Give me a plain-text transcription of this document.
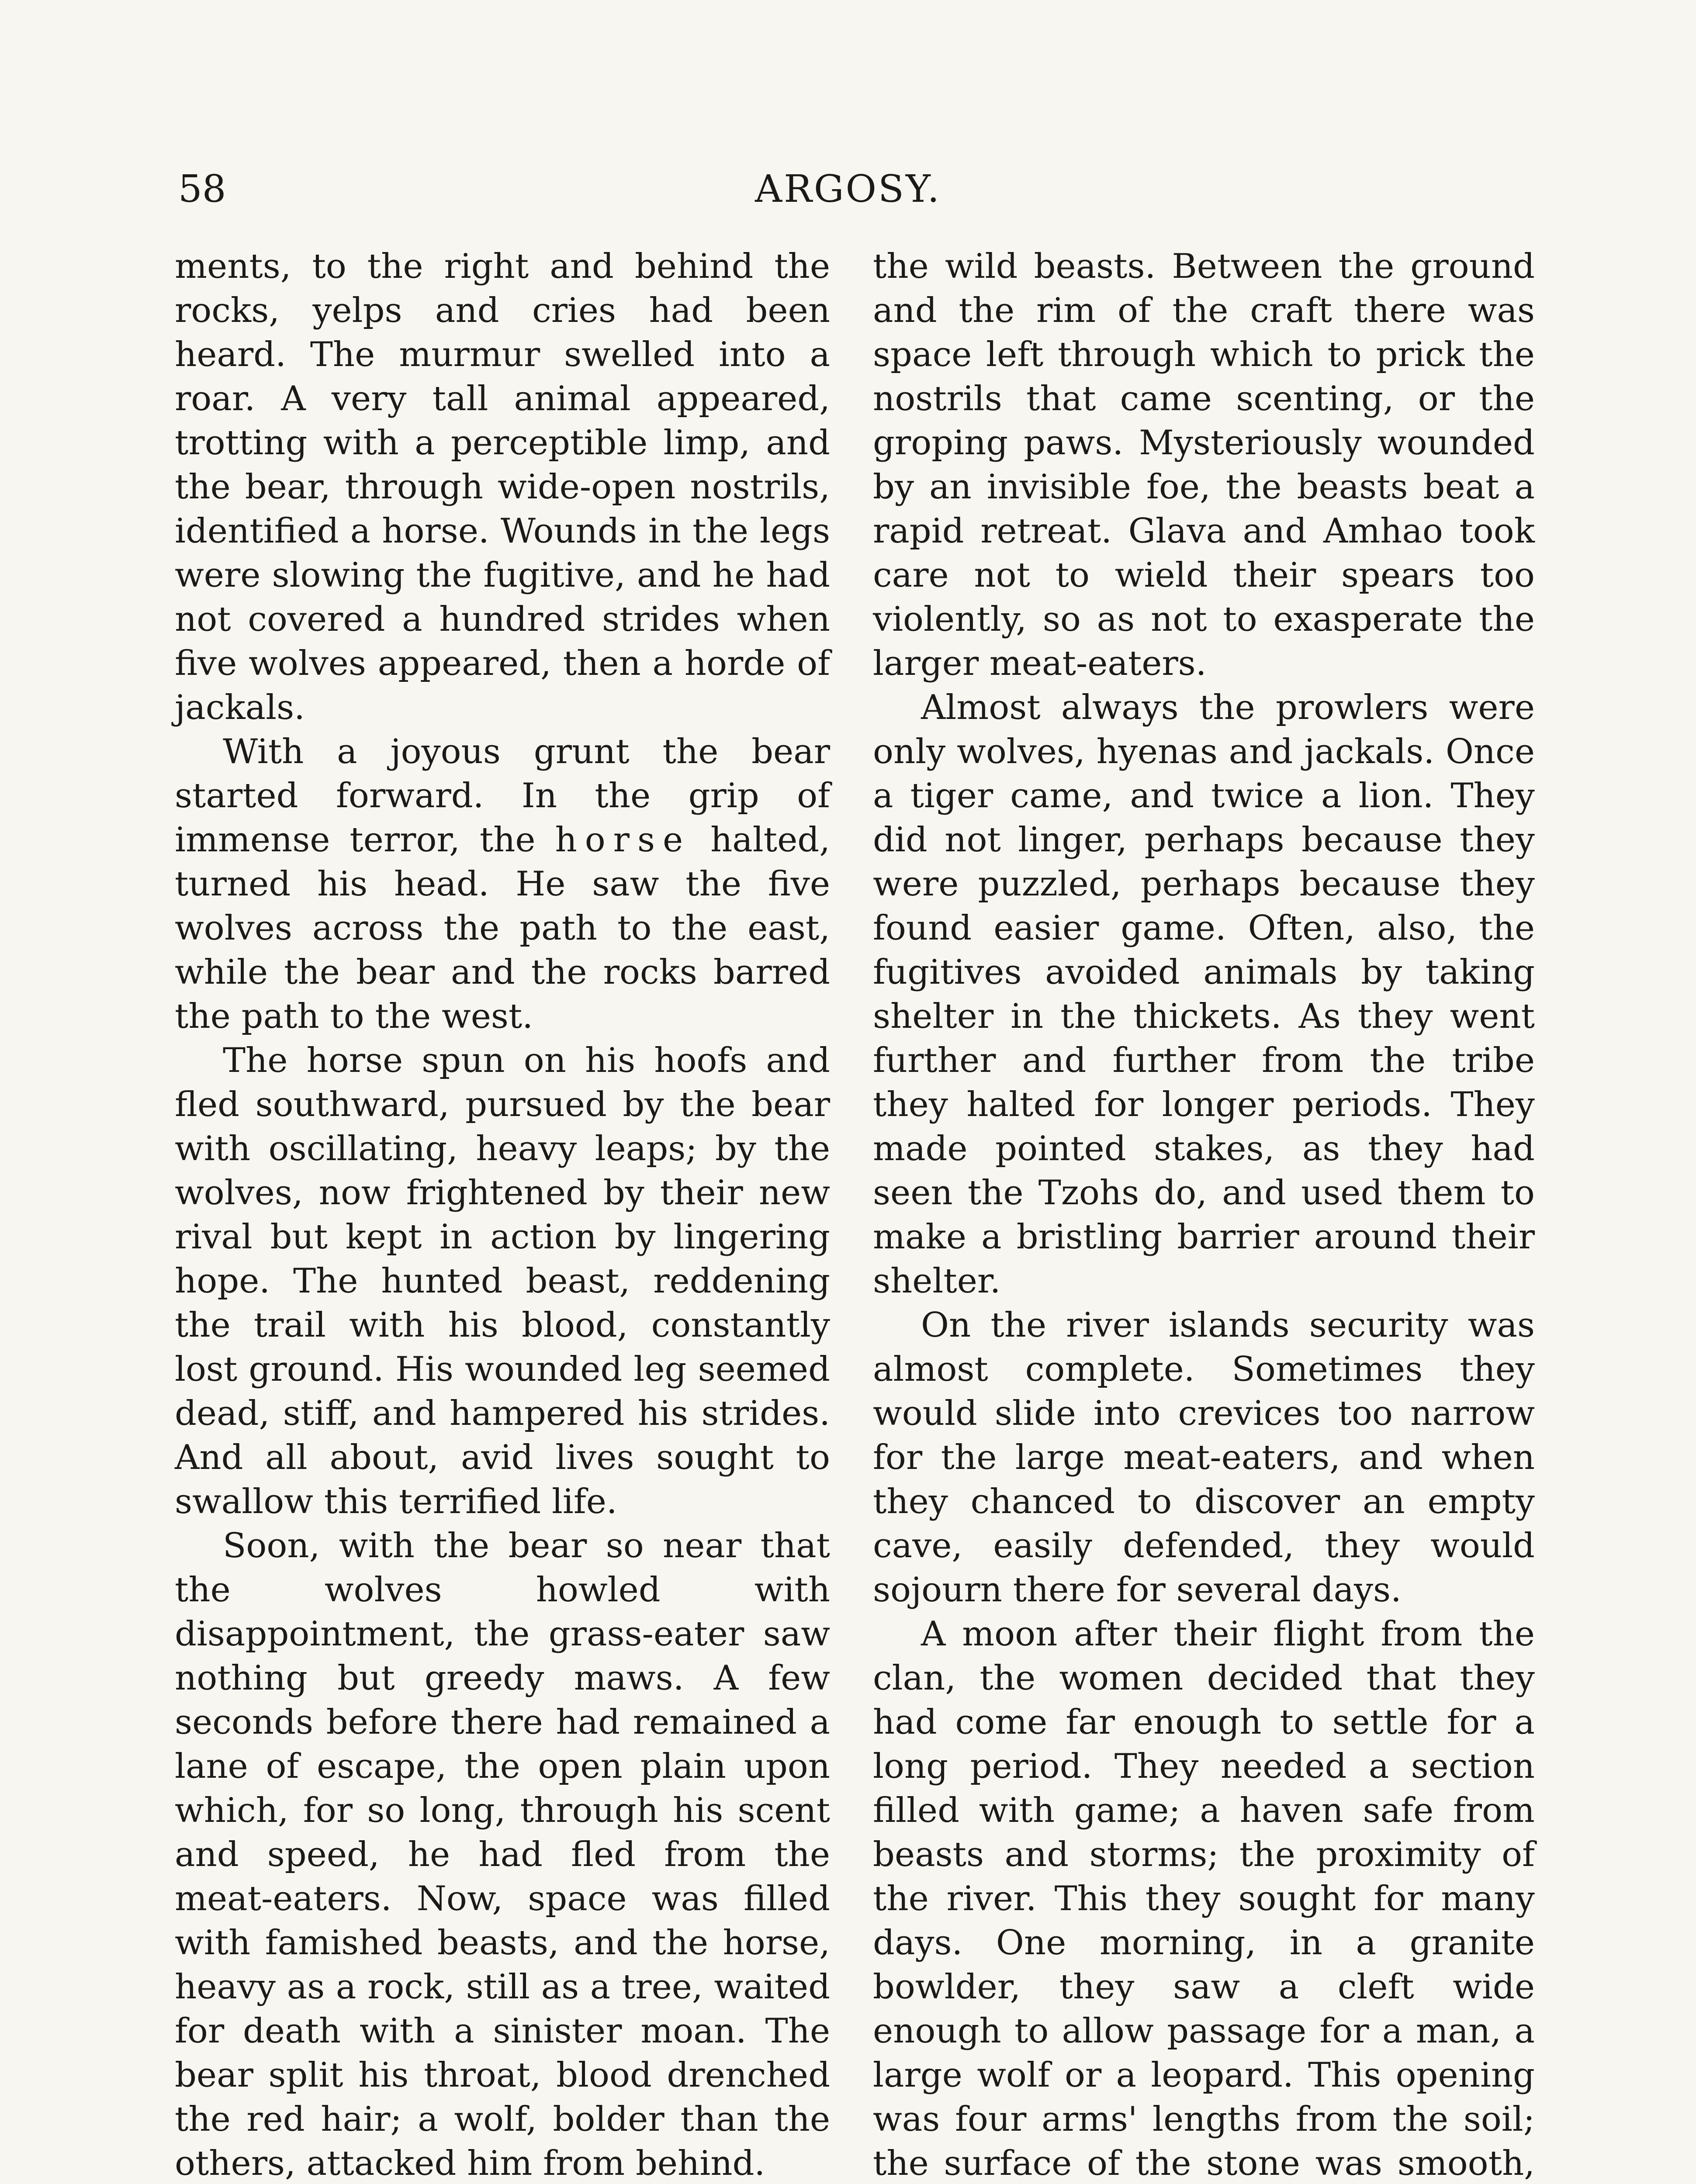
58	ARGOSY.

ments, to the right and behind the rocks, yelps and cries had been heard. The murmur swelled into a roar. A very tall animal appeared, trotting with a perceptible limp, and the bear, through wide-open nostrils, identified a horse. Wounds in the legs were slowing the fugitive, and he had not covered a hundred strides when five wolves appeared, then a horde of jackals.

With a joyous grunt the bear started forward. In the grip of immense terror, the horse halted, turned his head. He saw the five wolves across the path to the east, while the bear and the rocks barred the path to the west.

The horse spun on his hoofs and fled southward, pursued by the bear with oscillating, heavy leaps; by the wolves, now frightened by their new rival but kept in action by lingering hope. The hunted beast, reddening the trail with his blood, constantly lost ground. His wounded leg seemed dead, stiff, and hampered his strides. And all about, avid lives sought to swallow this terrified life.

Soon, with the bear so near that the wolves howled with disappointment, the grass-eater saw nothing but greedy maws. A few seconds before there had remained a lane of escape, the open plain upon which, for so long, through his scent and speed, he had fled from the meat-eaters. Now, space was filled with famished beasts, and the horse, heavy as a rock, still as a tree, waited for death with a sinister moan. The bear split his throat, blood drenched the red hair; a wolf, bolder than the others, attacked him from behind.

the wild beasts. Between the ground and the rim of the craft there was space left through which to prick the nostrils that came scenting, or the groping paws. Mysteriously wounded by an invisible foe, the beasts beat a rapid retreat. Glava and Amhao took care not to wield their spears too violently, so as not to exasperate the larger meat-eaters.

Almost always the prowlers were only wolves, hyenas and jackals. Once a tiger came, and twice a lion. They did not linger, perhaps because they were puzzled, perhaps because they found easier game. Often, also, the fugitives avoided animals by taking shelter in the thickets. As they went further and further from the tribe they halted for longer periods. They made pointed stakes, as they had seen the Tzohs do, and used them to make a bristling barrier around their shelter.

On the river islands security was almost complete. Sometimes they would slide into crevices too narrow for the large meat-eaters, and when they chanced to discover an empty cave, easily defended, they would sojourn there for several days.

A moon after their flight from the clan, the women decided that they had come far enough to settle for a long period. They needed a section filled with game; a haven safe from beasts and storms; the proximity of the river. This they sought for many days. One morning, in a granite bowlder, they saw a cleft wide enough to allow passage for a man, a large wolf or a leopard. This opening was four arms' lengths from the soil; the surface of the stone was smooth,
